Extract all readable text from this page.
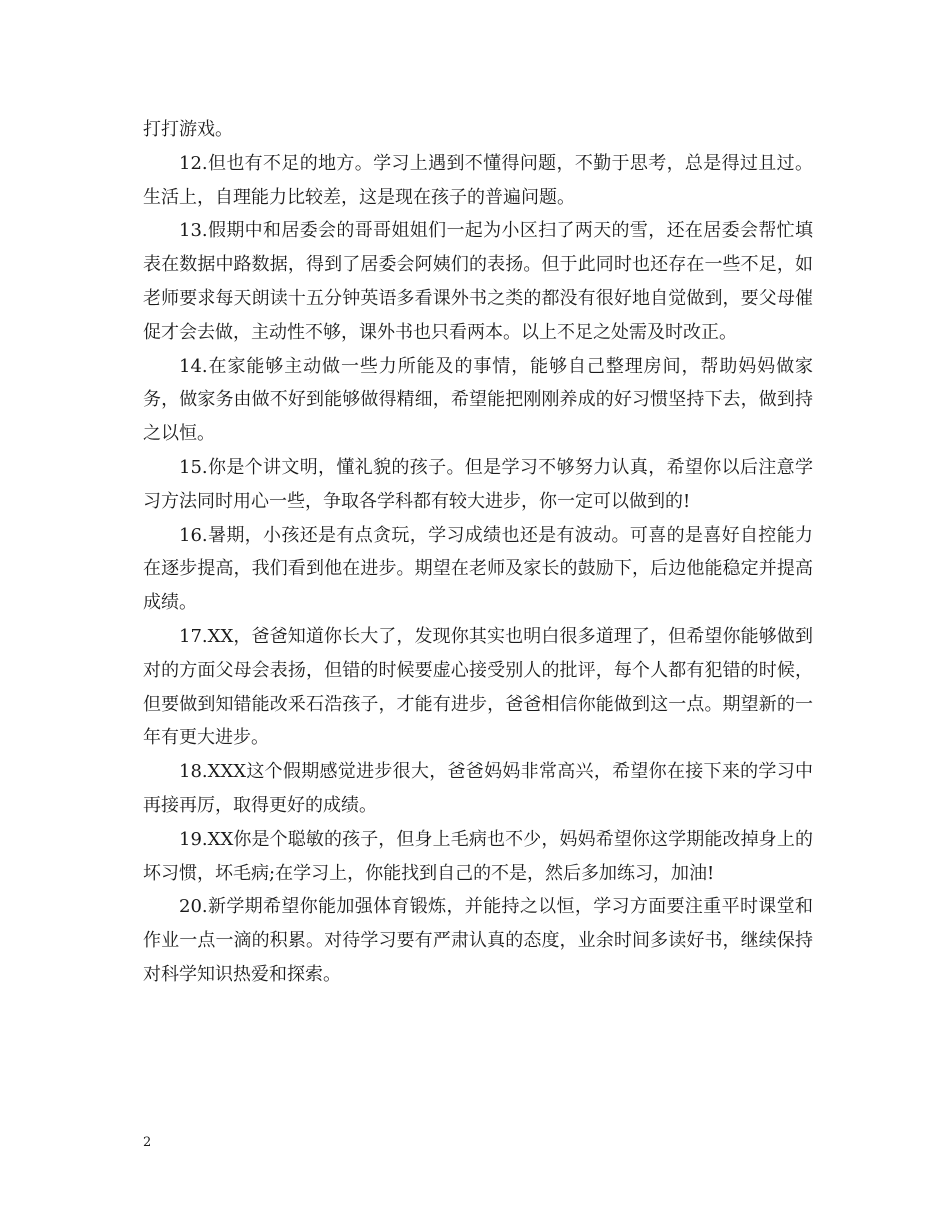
打打游戏。

12.但也有不足的地方。学习上遇到不懂得问题，不勤于思考，总是得过且过。生活上，自理能力比较差，这是现在孩子的普遍问题。

13.假期中和居委会的哥哥姐姐们一起为小区扫了两天的雪，还在居委会帮忙填表在数据中路数据，得到了居委会阿姨们的表扬。但于此同时也还存在一些不足，如老师要求每天朗读十五分钟英语多看课外书之类的都没有很好地自觉做到，要父母催促才会去做，主动性不够，课外书也只看两本。以上不足之处需及时改正。

14.在家能够主动做一些力所能及的事情，能够自己整理房间，帮助妈妈做家务，做家务由做不好到能够做得精细，希望能把刚刚养成的好习惯坚持下去，做到持之以恒。

15.你是个讲文明，懂礼貌的孩子。但是学习不够努力认真，希望你以后注意学习方法同时用心一些，争取各学科都有较大进步，你一定可以做到的!

16.暑期，小孩还是有点贪玩，学习成绩也还是有波动。可喜的是喜好自控能力在逐步提高，我们看到他在进步。期望在老师及家长的鼓励下，后边他能稳定并提高成绩。

17.XX，爸爸知道你长大了，发现你其实也明白很多道理了，但希望你能够做到对的方面父母会表扬，但错的时候要虚心接受别人的批评，每个人都有犯错的时候，但要做到知错能改釆石浩孩子，才能有进步，爸爸相信你能做到这一点。期望新的一年有更大进步。

18.XXX这个假期感觉进步很大，爸爸妈妈非常高兴，希望你在接下来的学习中再接再厉，取得更好的成绩。

19.XX你是个聪敏的孩子，但身上毛病也不少，妈妈希望你这学期能改掉身上的坏习惯，坏毛病;在学习上，你能找到自己的不是，然后多加练习，加油!

20.新学期希望你能加强体育锻炼，并能持之以恒，学习方面要注重平时课堂和作业一点一滴的积累。对待学习要有严肃认真的态度，业余时间多读好书，继续保持对科学知识热爱和探索。

2
